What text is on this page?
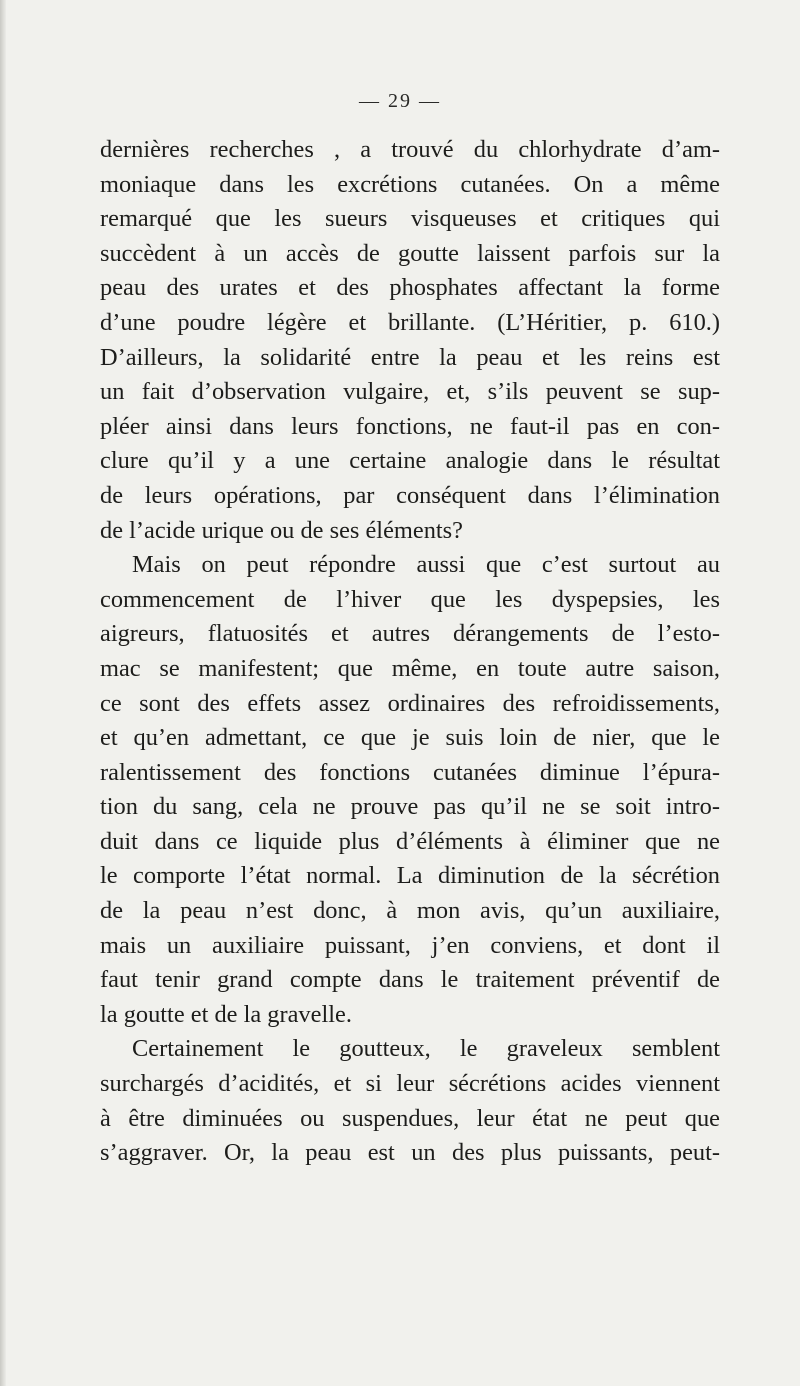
— 29 —
dernières recherches , a trouvé du chlorhydrate d’am-
moniaque dans les excrétions cutanées. On a même
remarqué que les sueurs visqueuses et critiques qui
succèdent à un accès de goutte laissent parfois sur la
peau des urates et des phosphates affectant la forme
d’une poudre légère et brillante. (L’Héritier, p. 610.)
D’ailleurs, la solidarité entre la peau et les reins est
un fait d’observation vulgaire, et, s’ils peuvent se sup-
pléer ainsi dans leurs fonctions, ne faut-il pas en con-
clure qu’il y a une certaine analogie dans le résultat
de leurs opérations, par conséquent dans l’élimination
de l’acide urique ou de ses éléments?
Mais on peut répondre aussi que c’est surtout au
commencement de l’hiver que les dyspepsies, les
aigreurs, flatuosités et autres dérangements de l’esto-
mac se manifestent; que même, en toute autre saison,
ce sont des effets assez ordinaires des refroidissements,
et qu’en admettant, ce que je suis loin de nier, que le
ralentissement des fonctions cutanées diminue l’épura-
tion du sang, cela ne prouve pas qu’il ne se soit intro-
duit dans ce liquide plus d’éléments à éliminer que ne
le comporte l’état normal. La diminution de la sécrétion
de la peau n’est donc, à mon avis, qu’un auxiliaire,
mais un auxiliaire puissant, j’en conviens, et dont il
faut tenir grand compte dans le traitement préventif de
la goutte et de la gravelle.
Certainement le goutteux, le graveleux semblent
surchargés d’acidités, et si leur sécrétions acides viennent
à être diminuées ou suspendues, leur état ne peut que
s’aggraver. Or, la peau est un des plus puissants, peut-
